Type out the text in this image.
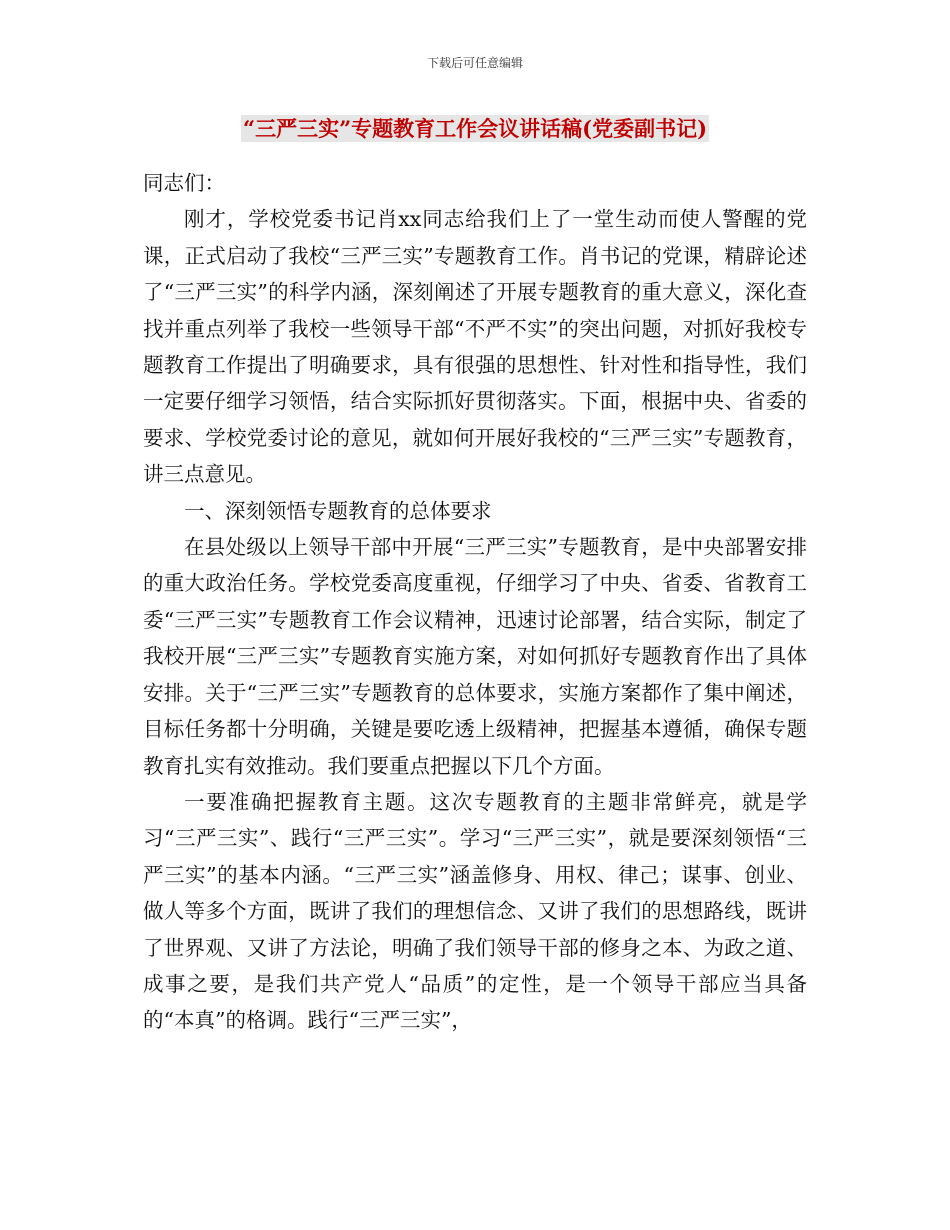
下载后可任意编辑
“三严三实”专题教育工作会议讲话稿(党委副书记)

同志们：

刚才，学校党委书记肖xx同志给我们上了一堂生动而使人警醒的党课，正式启动了我校“三严三实”专题教育工作。肖书记的党课，精辟论述了“三严三实”的科学内涵，深刻阐述了开展专题教育的重大意义，深化查找并重点列举了我校一些领导干部“不严不实”的突出问题，对抓好我校专题教育工作提出了明确要求，具有很强的思想性、针对性和指导性，我们一定要仔细学习领悟，结合实际抓好贯彻落实。下面，根据中央、省委的要求、学校党委讨论的意见，就如何开展好我校的“三严三实”专题教育，讲三点意见。

一、深刻领悟专题教育的总体要求

在县处级以上领导干部中开展“三严三实”专题教育，是中央部署安排的重大政治任务。学校党委高度重视，仔细学习了中央、省委、省教育工委“三严三实”专题教育工作会议精神，迅速讨论部署，结合实际，制定了我校开展“三严三实”专题教育实施方案，对如何抓好专题教育作出了具体安排。关于“三严三实”专题教育的总体要求，实施方案都作了集中阐述，目标任务都十分明确，关键是要吃透上级精神，把握基本遵循，确保专题教育扎实有效推动。我们要重点把握以下几个方面。

一要准确把握教育主题。这次专题教育的主题非常鲜亮，就是学习“三严三实”、践行“三严三实”。学习“三严三实”，就是要深刻领悟“三严三实”的基本内涵。“三严三实”涵盖修身、用权、律己；谋事、创业、做人等多个方面，既讲了我们的理想信念、又讲了我们的思想路线，既讲了世界观、又讲了方法论，明确了我们领导干部的修身之本、为政之道、成事之要，是我们共产党人“品质”的定性，是一个领导干部应当具备的“本真”的格调。践行“三严三实”，
